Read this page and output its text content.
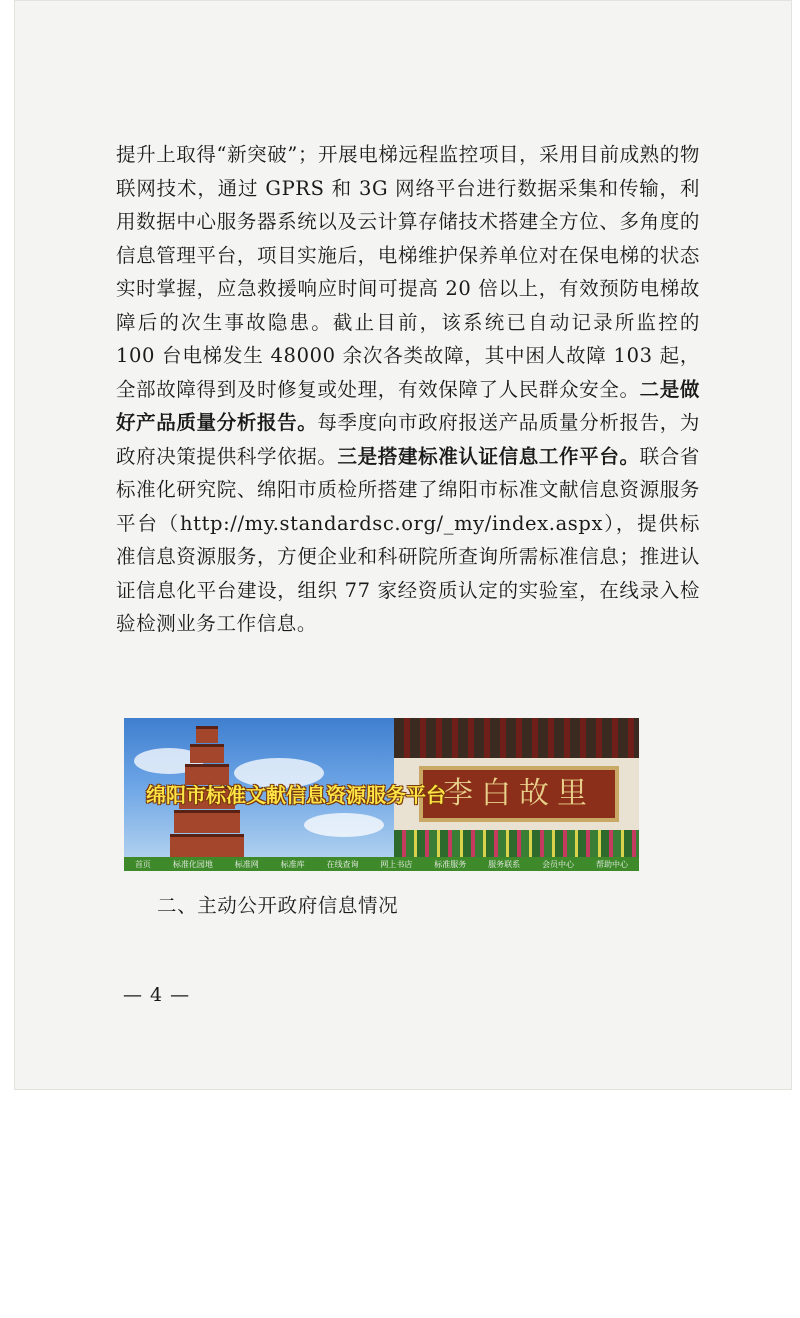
提升上取得“新突破”；开展电梯远程监控项目，采用目前成熟的物联网技术，通过 GPRS 和 3G 网络平台进行数据采集和传输，利用数据中心服务器系统以及云计算存储技术搭建全方位、多角度的信息管理平台，项目实施后，电梯维护保养单位对在保电梯的状态实时掌握，应急救援响应时间可提高 20 倍以上，有效预防电梯故障后的次生事故隐患。截止目前，该系统已自动记录所监控的 100 台电梯发生 48000 余次各类故障，其中困人故障 103 起，全部故障得到及时修复或处理，有效保障了人民群众安全。二是做好产品质量分析报告。每季度向市政府报送产品质量分析报告，为政府决策提供科学依据。三是搭建标准认证信息工作平台。联合省标准化研究院、绵阳市质检所搭建了绵阳市标准文献信息资源服务平台（http://my.standardsc.org/_my/index.aspx），提供标准信息资源服务，方便企业和科研院所查询所需标准信息；推进认证信息化平台建设，组织 77 家经资质认定的实验室，在线录入检验检测业务工作信息。

李白故里
绵阳市标准文献信息资源服务平台
首页	标准化园地	标准网	标准库	在线查询	网上书店	标准服务	服务联系	会员中心	帮助中心
二、主动公开政府信息情况
— 4 —
